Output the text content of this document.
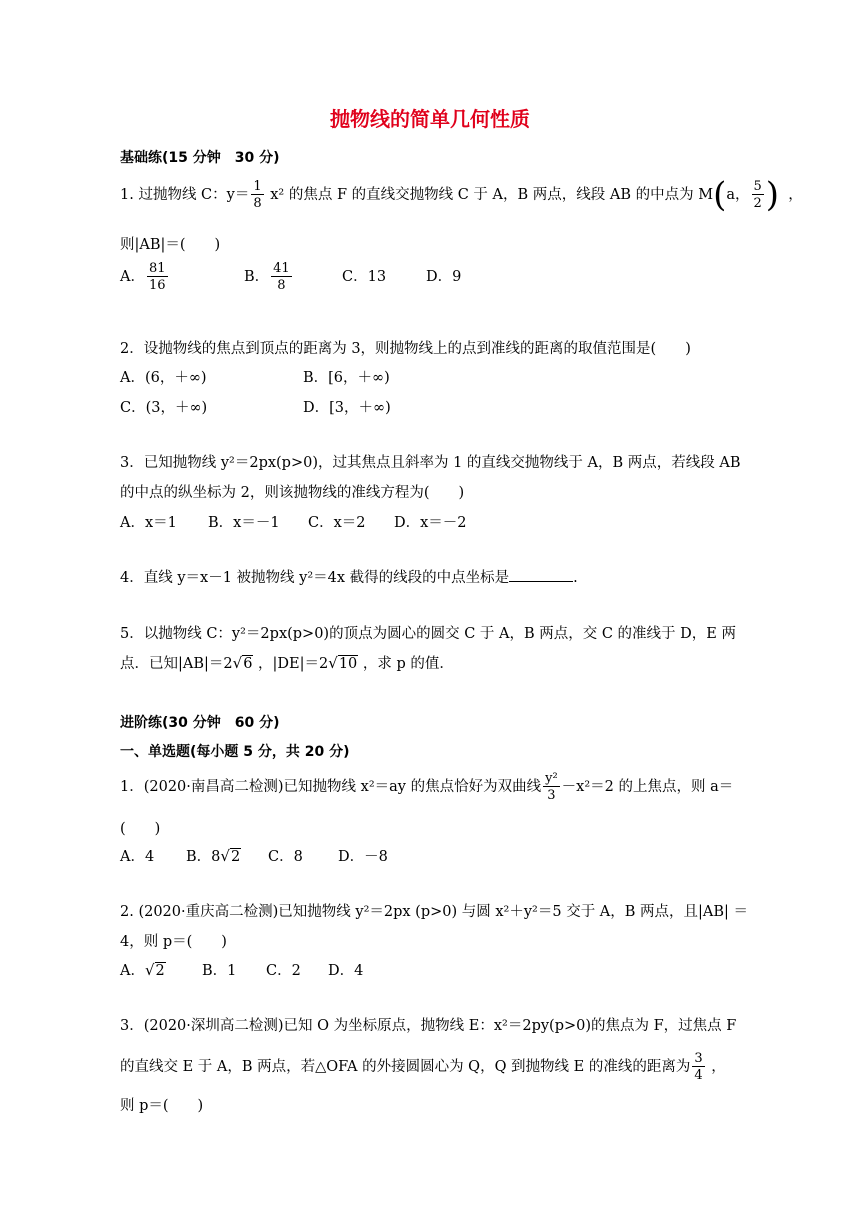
抛物线的简单几何性质
基础练(15 分钟　30 分)
1. 过抛物线 C：$y= \frac{1}{8} x^2$ 的焦点 F 的直线交抛物线 C 于 A，B 两点，线段 AB 的中点为 M(a， $\frac{5}{2}$ ) ，
则|AB|＝(　　)
A． $\frac{81}{16}$	B． $\frac{41}{8}$	C．13	D．9
2．设抛物线的焦点到顶点的距离为 3，则抛物线上的点到准线的距离的取值范围是(　　)
A．(6，＋∞)	B．[6，＋∞)
C．(3，＋∞)	D．[3，＋∞)
3．已知抛物线 y²＝2px(p>0)，过其焦点且斜率为 1 的直线交抛物线于 A，B 两点，若线段 AB
的中点的纵坐标为 2，则该抛物线的准线方程为(　　)
A．x＝1 B．x＝－1 C．x＝2 D．x＝－2
4．直线 y＝x－1 被抛物线 y²＝4x 截得的线段的中点坐标是	.
5．以抛物线 C：y²＝2px(p>0)的顶点为圆心的圆交 C 于 A，B 两点，交 C 的准线于 D，E 两
点．已知|AB|＝2√6 ，|DE|＝2√10 ，求 p 的值．
进阶练(30 分钟　60 分)
一、单选题(每小题 5 分，共 20 分)
1．(2020·南昌高二检测)已知抛物线 x²＝ay 的焦点恰好为双曲线 $\frac{\text{y²}}{3} -x^2=2$ 的上焦点，则 a＝
(　　)
A．4 B．8√2 C．8 D．－8
2. (2020·重庆高二检测)已知抛物线 y²＝2px (p>0) 与圆 x²＋y²＝5 交于 A，B 两点，且|AB| ＝
4，则 p＝(　　)
A．√2	B．1 C．2 D．4
3．(2020·深圳高二检测)已知 O 为坐标原点，抛物线 E：x²＝2py(p>0)的焦点为 F，过焦点 F
的直线交 E 于 A，B 两点，若△OFA 的外接圆圆心为 Q，Q 到抛物线 E 的准线的距离为 $\frac{3}{4}$ ，
则 p＝(　　)
